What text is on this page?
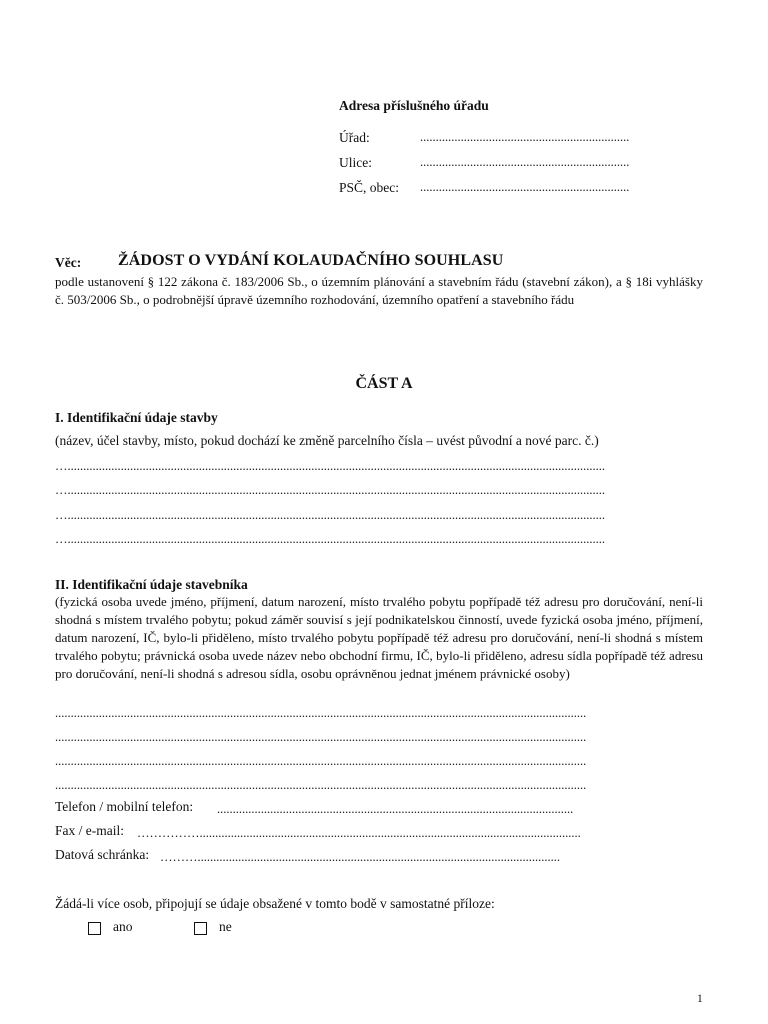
Adresa příslušného úřadu
Úřad:	...................................................................
Ulice:	...................................................................
PSČ, obec: ...................................................................
Věc: ŽÁDOST O VYDÁNÍ KOLAUDAČNÍHO SOUHLASU
podle ustanovení § 122 zákona č. 183/2006 Sb., o územním plánování a stavebním řádu (stavební zákon), a § 18i vyhlášky č. 503/2006 Sb., o podrobnější úpravě územního rozhodování, územního opatření a stavebního řádu
ČÁST A
I. Identifikační údaje stavby
(název, účel stavby, místo, pokud dochází ke změně parcelního čísla – uvést původní a nové parc. č.)
…............................................................................................................................................................................
…............................................................................................................................................................................
…............................................................................................................................................................................
…............................................................................................................................................................................
II. Identifikační údaje stavebníka
(fyzická osoba uvede jméno, příjmení, datum narození, místo trvalého pobytu popřípadě též adresu pro doručování, není-li shodná s místem trvalého pobytu; pokud záměr souvisí s její podnikatelskou činností, uvede fyzická osoba jméno, příjmení, datum narození, IČ, bylo-li přiděleno, místo trvalého pobytu popřípadě též adresu pro doručování, není-li shodná s místem trvalého pobytu; právnická osoba uvede název nebo obchodní firmu, IČ, bylo-li přiděleno, adresu sídla popřípadě též adresu pro doručování, není-li shodná s adresou sídla, osobu oprávněnou jednat jménem právnické osoby)
..........................................................................................................................................................................
..........................................................................................................................................................................
..........................................................................................................................................................................
..........................................................................................................................................................................
Telefon / mobilní telefon: ..................................................................................................................
Fax / e-mail: ……………..........................................................................................................................
Datová schránka: ………....................................................................................................................
Žádá-li více osob, připojují se údaje obsažené v tomto bodě v samostatné příloze:
ano	ne
1
